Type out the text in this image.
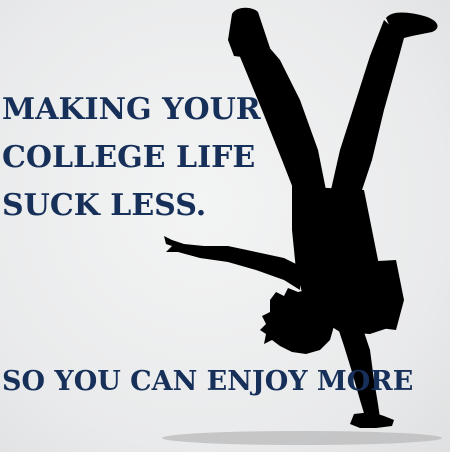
MAKING YOUR
COLLEGE LIFE
SUCK LESS.

SO YOU CAN ENJOY MORE
